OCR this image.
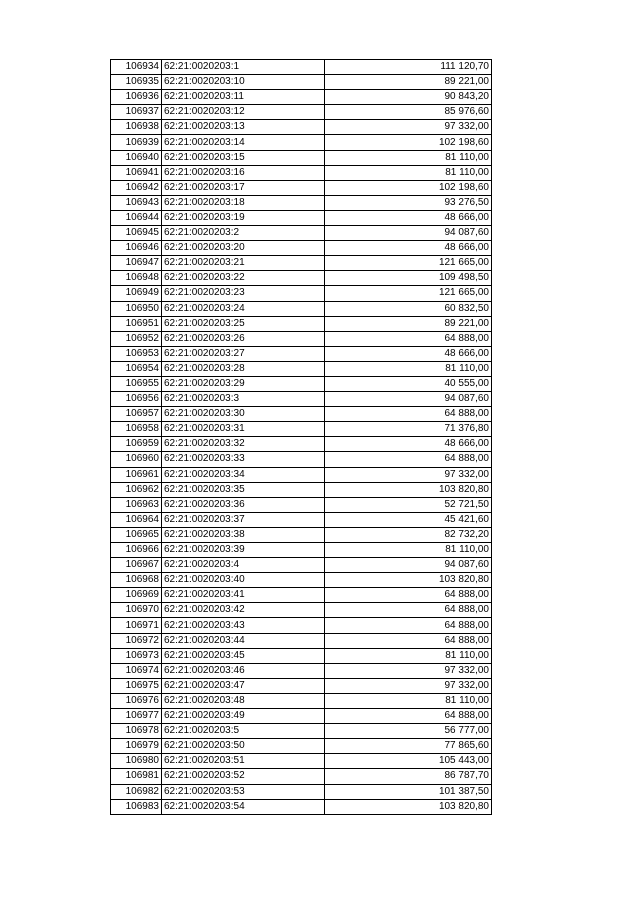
106934	62:21:0020203:1	111 120,70
106935	62:21:0020203:10	89 221,00
106936	62:21:0020203:11	90 843,20
106937	62:21:0020203:12	85 976,60
106938	62:21:0020203:13	97 332,00
106939	62:21:0020203:14	102 198,60
106940	62:21:0020203:15	81 110,00
106941	62:21:0020203:16	81 110,00
106942	62:21:0020203:17	102 198,60
106943	62:21:0020203:18	93 276,50
106944	62:21:0020203:19	48 666,00
106945	62:21:0020203:2	94 087,60
106946	62:21:0020203:20	48 666,00
106947	62:21:0020203:21	121 665,00
106948	62:21:0020203:22	109 498,50
106949	62:21:0020203:23	121 665,00
106950	62:21:0020203:24	60 832,50
106951	62:21:0020203:25	89 221,00
106952	62:21:0020203:26	64 888,00
106953	62:21:0020203:27	48 666,00
106954	62:21:0020203:28	81 110,00
106955	62:21:0020203:29	40 555,00
106956	62:21:0020203:3	94 087,60
106957	62:21:0020203:30	64 888,00
106958	62:21:0020203:31	71 376,80
106959	62:21:0020203:32	48 666,00
106960	62:21:0020203:33	64 888,00
106961	62:21:0020203:34	97 332,00
106962	62:21:0020203:35	103 820,80
106963	62:21:0020203:36	52 721,50
106964	62:21:0020203:37	45 421,60
106965	62:21:0020203:38	82 732,20
106966	62:21:0020203:39	81 110,00
106967	62:21:0020203:4	94 087,60
106968	62:21:0020203:40	103 820,80
106969	62:21:0020203:41	64 888,00
106970	62:21:0020203:42	64 888,00
106971	62:21:0020203:43	64 888,00
106972	62:21:0020203:44	64 888,00
106973	62:21:0020203:45	81 110,00
106974	62:21:0020203:46	97 332,00
106975	62:21:0020203:47	97 332,00
106976	62:21:0020203:48	81 110,00
106977	62:21:0020203:49	64 888,00
106978	62:21:0020203:5	56 777,00
106979	62:21:0020203:50	77 865,60
106980	62:21:0020203:51	105 443,00
106981	62:21:0020203:52	86 787,70
106982	62:21:0020203:53	101 387,50
106983	62:21:0020203:54	103 820,80
